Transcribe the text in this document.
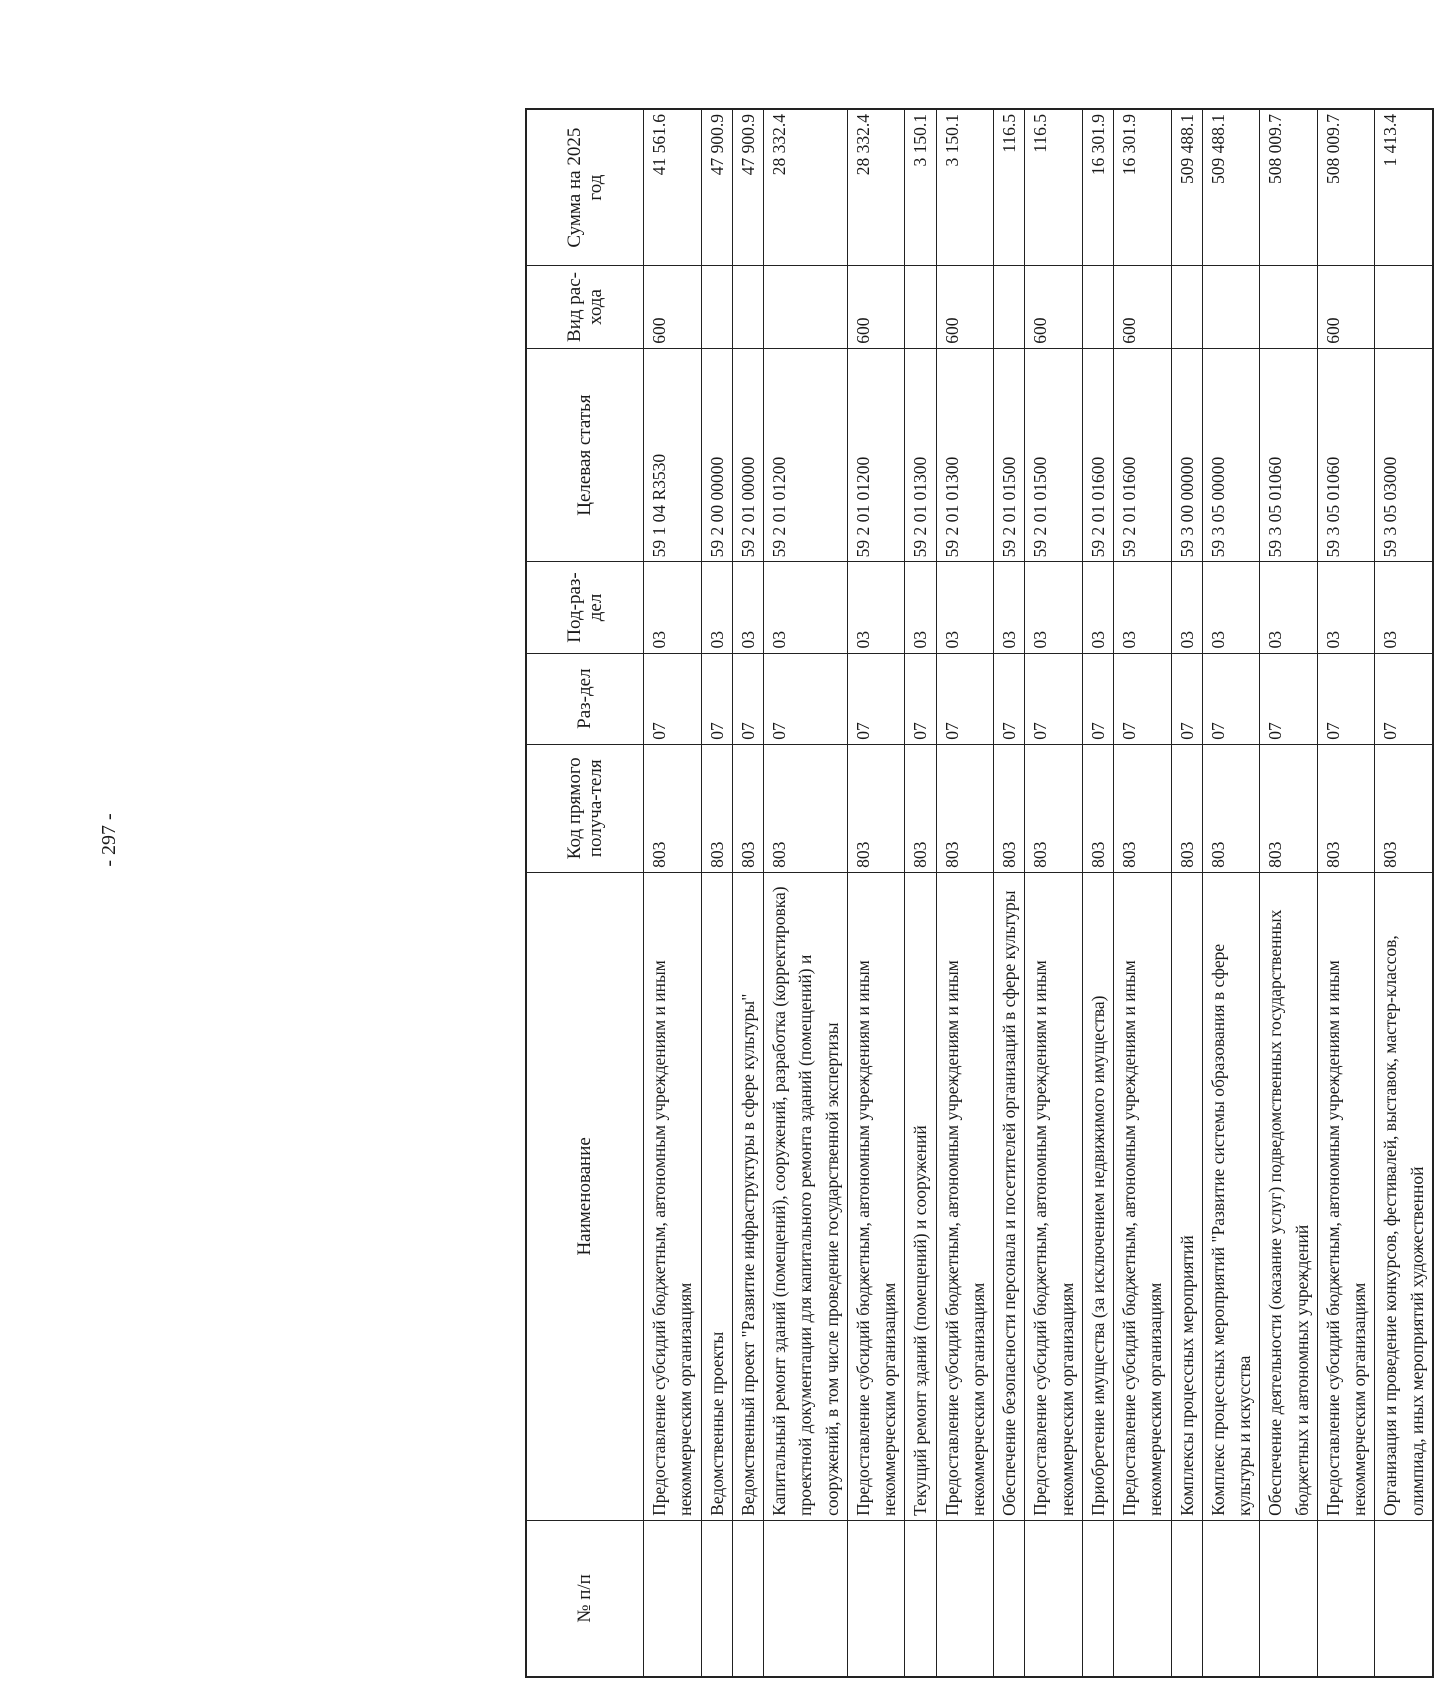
- 297 -
№ п/п	Наименование	Код прямого получа-теля	Раз-дел	Под-раз-дел	Целевая статья	Вид рас-хода	Сумма на 2025 год
	Предоставление субсидий бюджетным, автономным учреждениям и иным некоммерческим организациям	803	07	03	59 1 04 R3530	600	41 561.6
	Ведомственные проекты	803	07	03	59 2 00 00000		47 900.9
	Ведомственный проект "Развитие инфраструктуры в сфере культуры"	803	07	03	59 2 01 00000		47 900.9
	Капитальный ремонт зданий (помещений), сооружений, разработка (корректировка) проектной документации для капитального ремонта зданий (помещений) и сооружений, в том числе проведение государственной экспертизы	803	07	03	59 2 01 01200		28 332.4
	Предоставление субсидий бюджетным, автономным учреждениям и иным некоммерческим организациям	803	07	03	59 2 01 01200	600	28 332.4
	Текущий ремонт зданий (помещений) и сооружений	803	07	03	59 2 01 01300		3 150.1
	Предоставление субсидий бюджетным, автономным учреждениям и иным некоммерческим организациям	803	07	03	59 2 01 01300	600	3 150.1
	Обеспечение безопасности персонала и посетителей организаций в сфере культуры	803	07	03	59 2 01 01500		116.5
	Предоставление субсидий бюджетным, автономным учреждениям и иным некоммерческим организациям	803	07	03	59 2 01 01500	600	116.5
	Приобретение имущества (за исключением недвижимого имущества)	803	07	03	59 2 01 01600		16 301.9
	Предоставление субсидий бюджетным, автономным учреждениям и иным некоммерческим организациям	803	07	03	59 2 01 01600	600	16 301.9
	Комплексы процессных мероприятий	803	07	03	59 3 00 00000		509 488.1
	Комплекс процессных мероприятий "Развитие системы образования в сфере культуры и искусства	803	07	03	59 3 05 00000		509 488.1
	Обеспечение деятельности (оказание услуг) подведомственных государственных бюджетных и автономных учреждений	803	07	03	59 3 05 01060		508 009.7
	Предоставление субсидий бюджетным, автономным учреждениям и иным некоммерческим организациям	803	07	03	59 3 05 01060	600	508 009.7
	Организация и проведение конкурсов, фестивалей, выставок, мастер-классов, олимпиад, иных мероприятий художественной	803	07	03	59 3 05 03000		1 413.4
